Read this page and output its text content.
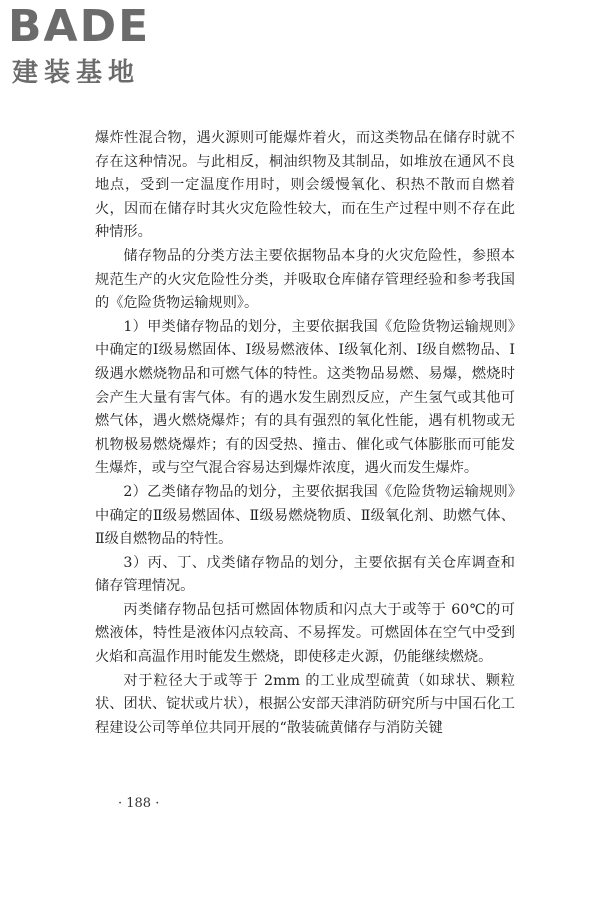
BADE
建装基地

爆炸性混合物，遇火源则可能爆炸着火，而这类物品在储存时就不存在这种情况。与此相反，桐油织物及其制品，如堆放在通风不良地点，受到一定温度作用时，则会缓慢氧化、积热不散而自燃着火，因而在储存时其火灾危险性较大，而在生产过程中则不存在此种情形。

储存物品的分类方法主要依据物品本身的火灾危险性，参照本规范生产的火灾危险性分类，并吸取仓库储存管理经验和参考我国的《危险货物运输规则》。

1）甲类储存物品的划分，主要依据我国《危险货物运输规则》中确定的Ⅰ级易燃固体、Ⅰ级易燃液体、Ⅰ级氧化剂、Ⅰ级自燃物品、Ⅰ级遇水燃烧物品和可燃气体的特性。这类物品易燃、易爆，燃烧时会产生大量有害气体。有的遇水发生剧烈反应，产生氢气或其他可燃气体，遇火燃烧爆炸；有的具有强烈的氧化性能，遇有机物或无机物极易燃烧爆炸；有的因受热、撞击、催化或气体膨胀而可能发生爆炸，或与空气混合容易达到爆炸浓度，遇火而发生爆炸。

2）乙类储存物品的划分，主要依据我国《危险货物运输规则》中确定的Ⅱ级易燃固体、Ⅱ级易燃烧物质、Ⅱ级氧化剂、助燃气体、Ⅱ级自燃物品的特性。

3）丙、丁、戊类储存物品的划分，主要依据有关仓库调查和储存管理情况。

丙类储存物品包括可燃固体物质和闪点大于或等于 60℃的可燃液体，特性是液体闪点较高、不易挥发。可燃固体在空气中受到火焰和高温作用时能发生燃烧，即使移走火源，仍能继续燃烧。

对于粒径大于或等于 2mm 的工业成型硫黄（如球状、颗粒状、团状、锭状或片状），根据公安部天津消防研究所与中国石化工程建设公司等单位共同开展的“散装硫黄储存与消防关键

· 188 ·
